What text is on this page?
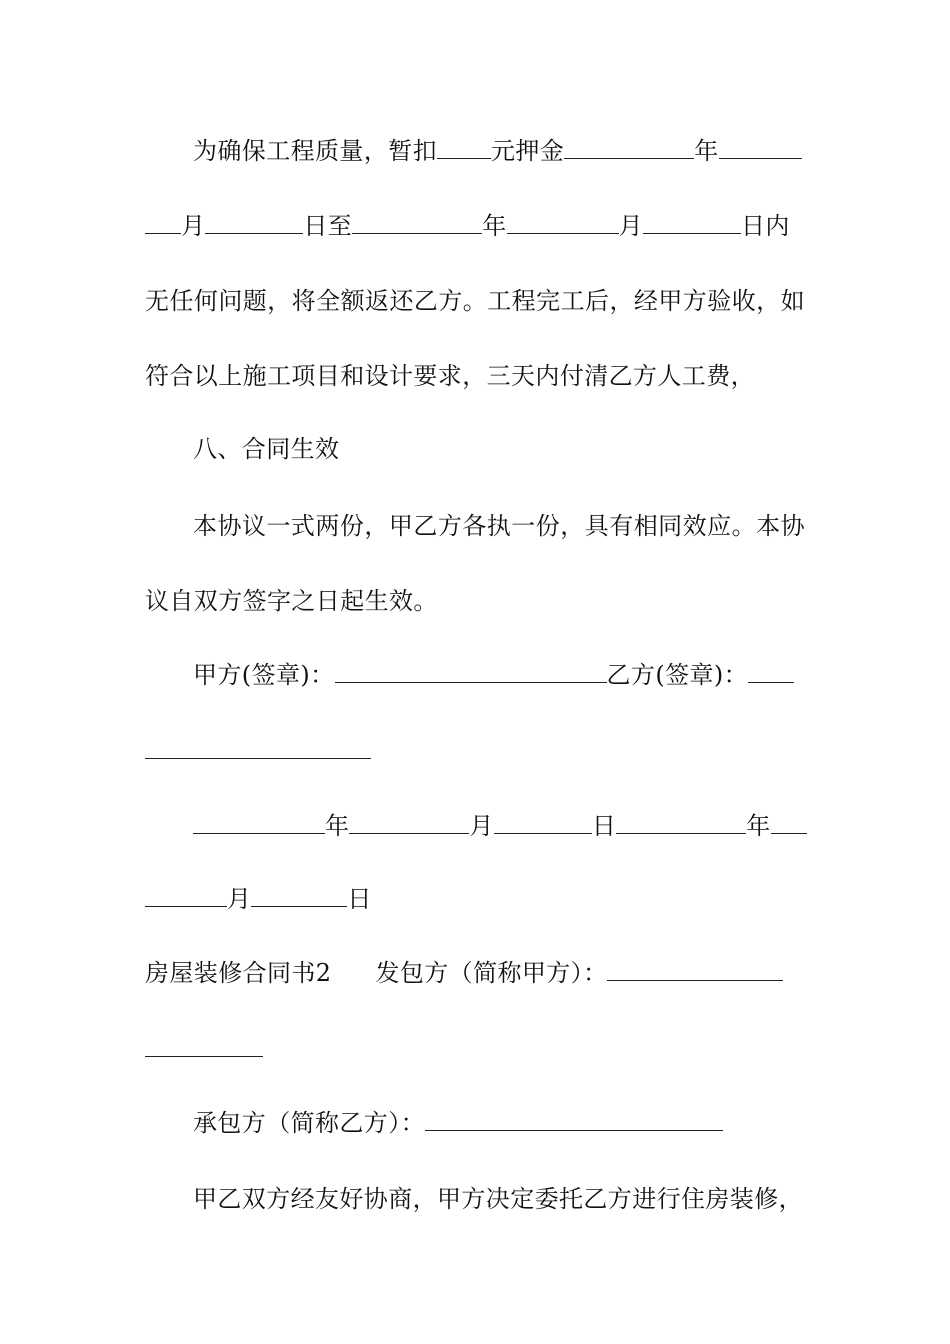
为确保工程质量，暂扣 元押金	年
月	日至	年	月	日内
无任何问题，将全额返还乙方。工程完工后，经甲方验收，如
符合以上施工项目和设计要求，三天内付清乙方人工费，
八、合同生效
本协议一式两份，甲乙方各执一份，具有相同效应。本协
议自双方签字之日起生效。
甲方(签章)：	乙方(签章)：
年	月	日	年
月	日
房屋装修合同书2 发包方（简称甲方）：
承包方（简称乙方）：
甲乙双方经友好协商，甲方决定委托乙方进行住房装修，
